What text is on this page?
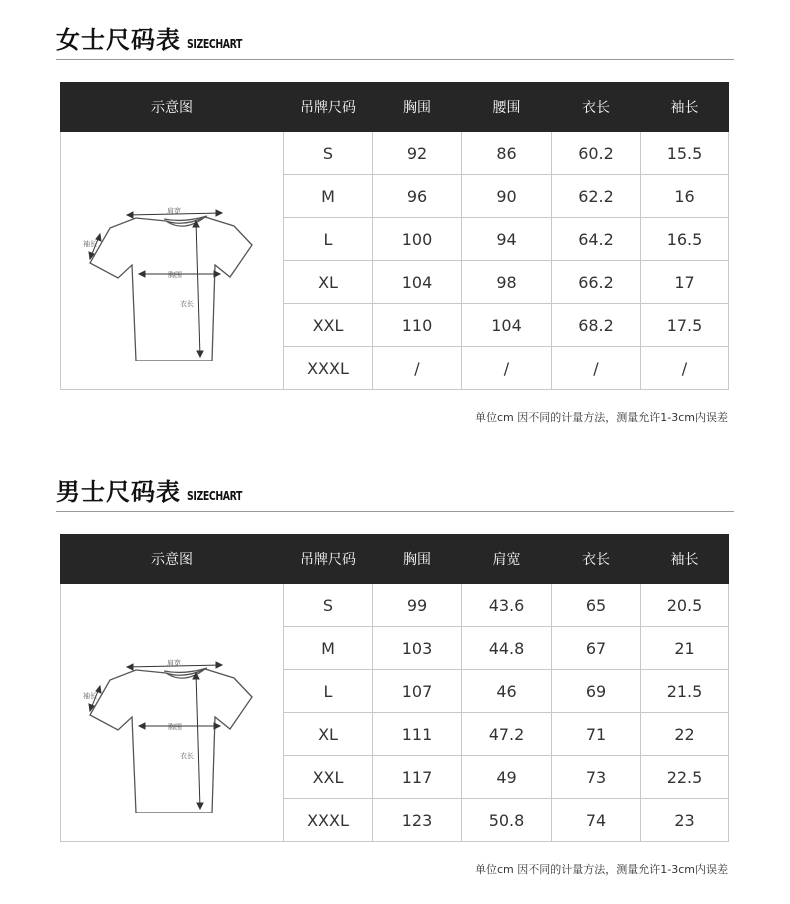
女士尺码表 SIZECHART
示意图	吊牌尺码	胸围	腰围	衣长	袖长

肩宽
袖长
胸围
衣长	S	92	86	60.2	15.5
	M	96	90	62.2	16
	L	100	94	64.2	16.5
	XL	104	98	66.2	17
	XXL	110	104	68.2	17.5
	XXXL	/	/	/	/
单位cm 因不同的计量方法，测量允许1-3cm内误差
男士尺码表 SIZECHART
示意图	吊牌尺码	胸围	肩宽	衣长	袖长

肩宽
袖长
胸围
衣长	S	99	43.6	65	20.5
	M	103	44.8	67	21
	L	107	46	69	21.5
	XL	111	47.2	71	22
	XXL	117	49	73	22.5
	XXXL	123	50.8	74	23
单位cm 因不同的计量方法，测量允许1-3cm内误差
